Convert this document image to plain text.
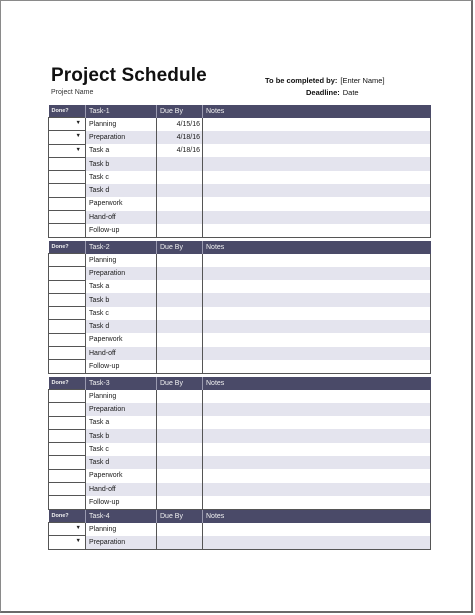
Project Schedule
Project Name
To be completed by: [Enter Name]
Deadline: Date
Done?	Task-1	Due By	Notes

▼	Planning	4/15/16	

▼	Preparation	4/18/16	

▼	Task a	4/18/16	
	Task b		
	Task c		
	Task d		
	Paperwork		
	Hand-off		
	Follow-up		
Done?	Task-2	Due By	Notes
	Planning		
	Preparation		
	Task a		
	Task b		
	Task c		
	Task d		
	Paperwork		
	Hand-off		
	Follow-up		
Done?	Task-3	Due By	Notes
	Planning		
	Preparation		
	Task a		
	Task b		
	Task c		
	Task d		
	Paperwork		
	Hand-off		
	Follow-up		
Done?	Task-4	Due By	Notes

▼	Planning		

▼	Preparation		
